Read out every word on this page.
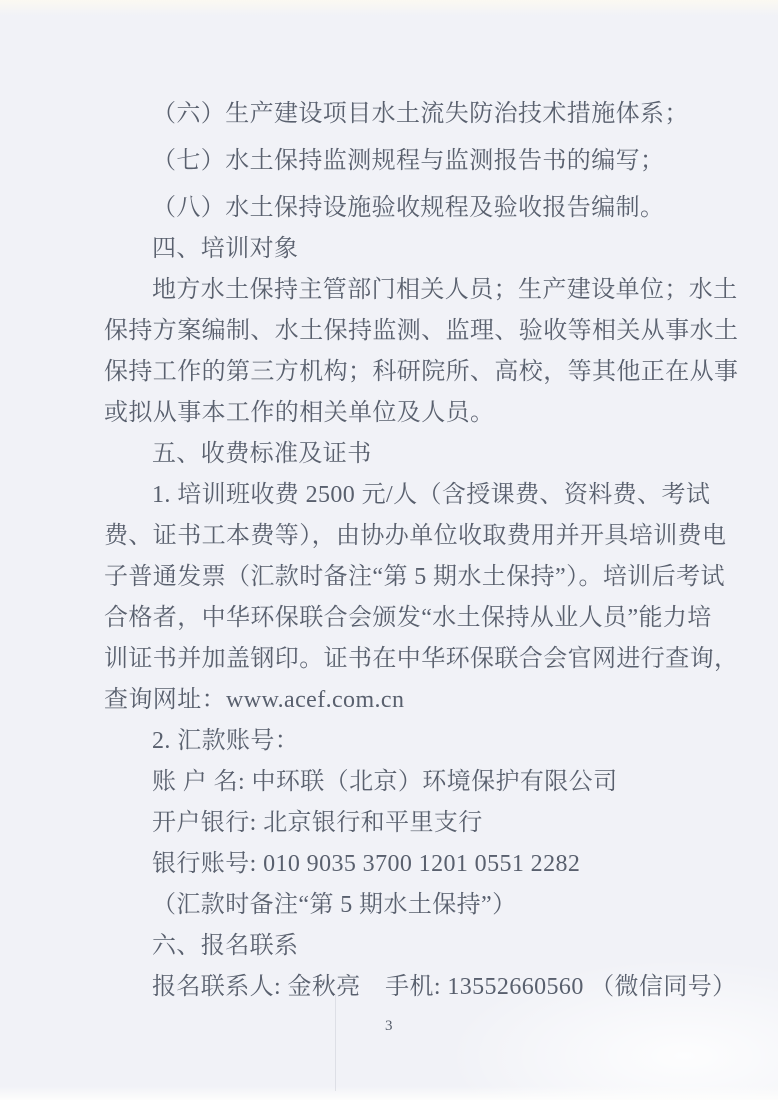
（六）生产建设项目水土流失防治技术措施体系；
（七）水土保持监测规程与监测报告书的编写；
（八）水土保持设施验收规程及验收报告编制。
四、培训对象
地方水土保持主管部门相关人员；生产建设单位；水土
保持方案编制、水土保持监测、监理、验收等相关从事水土
保持工作的第三方机构；科研院所、高校，等其他正在从事
或拟从事本工作的相关单位及人员。
五、收费标准及证书
1. 培训班收费 2500 元/人（含授课费、资料费、考试
费、证书工本费等），由协办单位收取费用并开具培训费电
子普通发票（汇款时备注“第 5 期水土保持”）。培训后考试
合格者，中华环保联合会颁发“水土保持从业人员”能力培
训证书并加盖钢印。证书在中华环保联合会官网进行查询，
查询网址：www.acef.com.cn
2. 汇款账号：
账 户 名: 中环联（北京）环境保护有限公司
开户银行: 北京银行和平里支行
银行账号: 010 9035 3700 1201 0551 2282
（汇款时备注“第 5 期水土保持”）
六、报名联系
报名联系人: 金秋亮　手机: 13552660560 （微信同号）
3
